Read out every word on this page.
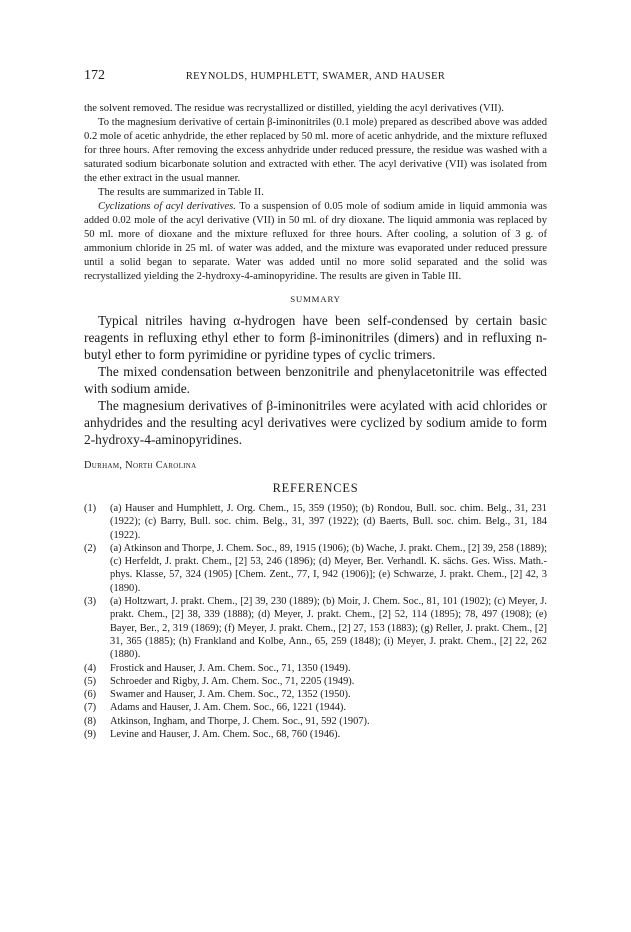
172	REYNOLDS, HUMPHLETT, SWAMER, AND HAUSER

the solvent removed. The residue was recrystallized or distilled, yielding the acyl derivatives (VII).

To the magnesium derivative of certain β-iminonitriles (0.1 mole) prepared as described above was added 0.2 mole of acetic anhydride, the ether replaced by 50 ml. more of acetic anhydride, and the mixture refluxed for three hours. After removing the excess anhydride under reduced pressure, the residue was washed with a saturated sodium bicarbonate solution and extracted with ether. The acyl derivative (VII) was isolated from the ether extract in the usual manner.

The results are summarized in Table II.

Cyclizations of acyl derivatives. To a suspension of 0.05 mole of sodium amide in liquid ammonia was added 0.02 mole of the acyl derivative (VII) in 50 ml. of dry dioxane. The liquid ammonia was replaced by 50 ml. more of dioxane and the mixture refluxed for three hours. After cooling, a solution of 3 g. of ammonium chloride in 25 ml. of water was added, and the mixture was evaporated under reduced pressure until a solid began to separate. Water was added until no more solid separated and the solid was recrystallized yielding the 2-hydroxy-4-aminopyridine. The results are given in Table III.

SUMMARY

Typical nitriles having α-hydrogen have been self-condensed by certain basic reagents in refluxing ethyl ether to form β-iminonitriles (dimers) and in refluxing n-butyl ether to form pyrimidine or pyridine types of cyclic trimers.

The mixed condensation between benzonitrile and phenylacetonitrile was effected with sodium amide.

The magnesium derivatives of β-iminonitriles were acylated with acid chlorides or anhydrides and the resulting acyl derivatives were cyclized by sodium amide to form 2-hydroxy-4-aminopyridines.

Durham, North Carolina
REFERENCES
(1)	(a) Hauser and Humphlett, J. Org. Chem., 15, 359 (1950); (b) Rondou, Bull. soc. chim. Belg., 31, 231 (1922); (c) Barry, Bull. soc. chim. Belg., 31, 397 (1922); (d) Baerts, Bull. soc. chim. Belg., 31, 184 (1922).
(2)	(a) Atkinson and Thorpe, J. Chem. Soc., 89, 1915 (1906); (b) Wache, J. prakt. Chem., [2] 39, 258 (1889); (c) Herfeldt, J. prakt. Chem., [2] 53, 246 (1896); (d) Meyer, Ber. Verhandl. K. sächs. Ges. Wiss. Math.-phys. Klasse, 57, 324 (1905) [Chem. Zent., 77, I, 942 (1906)]; (e) Schwarze, J. prakt. Chem., [2] 42, 3 (1890).
(3)	(a) Holtzwart, J. prakt. Chem., [2] 39, 230 (1889); (b) Moir, J. Chem. Soc., 81, 101 (1902); (c) Meyer, J. prakt. Chem., [2] 38, 339 (1888); (d) Meyer, J. prakt. Chem., [2] 52, 114 (1895); 78, 497 (1908); (e) Bayer, Ber., 2, 319 (1869); (f) Meyer, J. prakt. Chem., [2] 27, 153 (1883); (g) Reller, J. prakt. Chem., [2] 31, 365 (1885); (h) Frankland and Kolbe, Ann., 65, 259 (1848); (i) Meyer, J. prakt. Chem., [2] 22, 262 (1880).
(4)	Frostick and Hauser, J. Am. Chem. Soc., 71, 1350 (1949).
(5)	Schroeder and Rigby, J. Am. Chem. Soc., 71, 2205 (1949).
(6)	Swamer and Hauser, J. Am. Chem. Soc., 72, 1352 (1950).
(7)	Adams and Hauser, J. Am. Chem. Soc., 66, 1221 (1944).
(8)	Atkinson, Ingham, and Thorpe, J. Chem. Soc., 91, 592 (1907).
(9)	Levine and Hauser, J. Am. Chem. Soc., 68, 760 (1946).
